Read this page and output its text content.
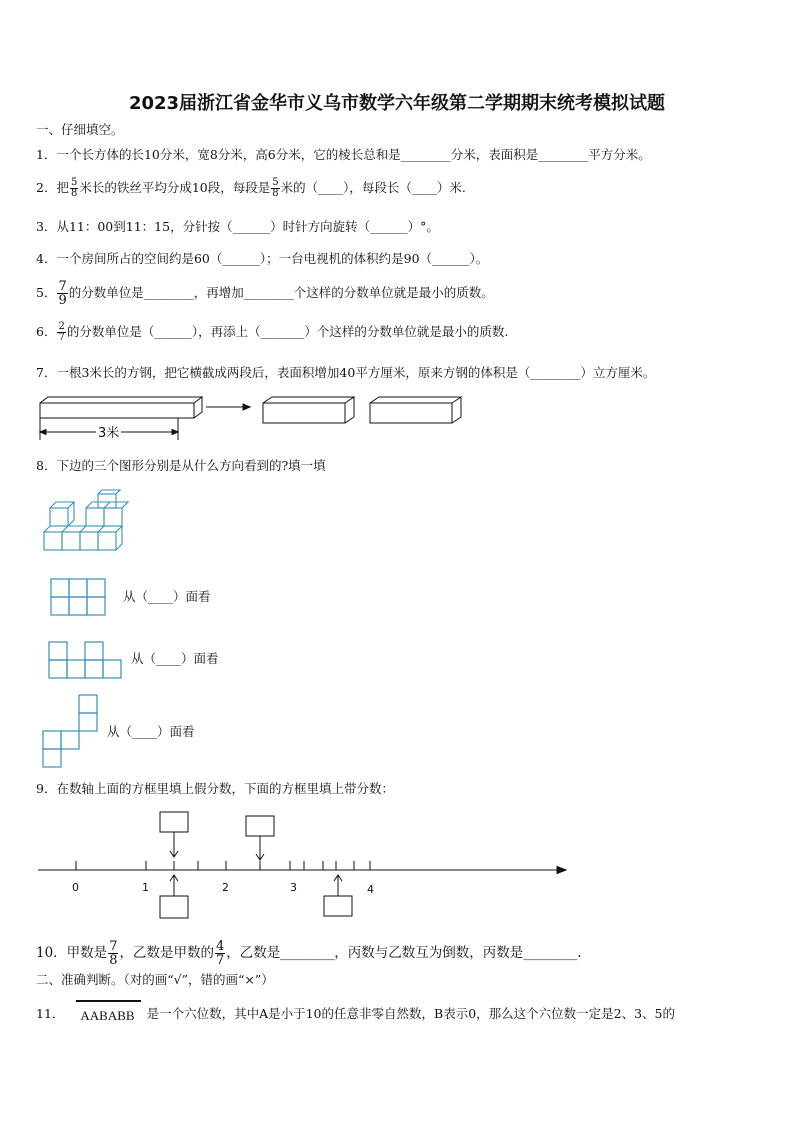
2023届浙江省金华市义乌市数学六年级第二学期期末统考模拟试题
一、仔细填空。
1．一个长方体的长10分米，宽8分米，高6分米，它的棱长总和是________分米，表面积是________平方分米。
2．把 $\frac{5}{8}$ 米长的铁丝平均分成10段，每段是 $\frac{5}{8}$ 米的（____），每段长（____）米.
3．从11：00到11：15，分针按（______）时针方向旋转（______）°。
4．一个房间所占的空间约是60（______）；一台电视机的体积约是90（______）。
5． $\frac{7}{9}$ 的分数单位是________，再增加________个这样的分数单位就是最小的质数。
6． $\frac{2}{7}$ 的分数单位是（______），再添上（_______）个这样的分数单位就是最小的质数.
7．一根3米长的方钢，把它横截成两段后，表面积增加40平方厘米，原来方钢的体积是（________）立方厘米。
3米
8．下边的三个图形分别是从什么方向看到的?填一填
从（____）面看
从（____）面看
从（____）面看
9．在数轴上面的方框里填上假分数，下面的方框里填上带分数：
0	1	2	3	4
10．甲数是 $\frac{7}{8}$ ，乙数是甲数的 $\frac{4}{7}$ ，乙数是________，丙数与乙数互为倒数，丙数是________.
二、准确判断。（对的画“√”，错的画“×”）
11． AABABB 是一个六位数，其中A是小于10的任意非零自然数，B表示0，那么这个六位数一定是2、3、5的
